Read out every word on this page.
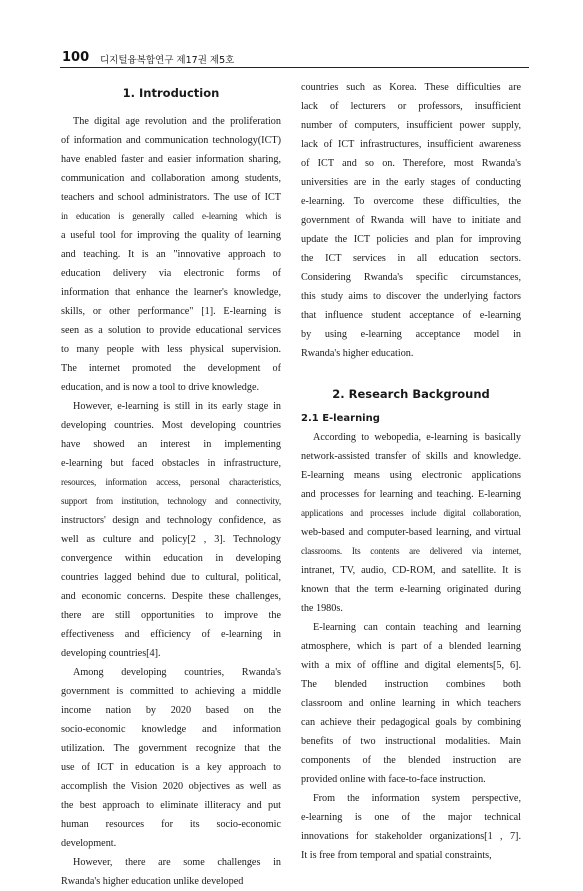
100 디지털융복합연구 제17권 제5호
1. Introduction

The digital age revolution and the proliferation
of information and communication technology(ICT)
have enabled faster and easier information sharing,
communication and collaboration among students,
teachers and school administrators. The use of ICT
in education is generally called e-learning which is
a useful tool for improving the quality of learning
and teaching. It is an "innovative approach to
education delivery via electronic forms of
information that enhance the learner's knowledge,
skills, or other performance" [1]. E-learning is
seen as a solution to provide educational services
to many people with less physical supervision.
The internet promoted the development of
education, and is now a tool to drive knowledge.

However, e-learning is still in its early stage in
developing countries. Most developing countries
have showed an interest in implementing
e-learning but faced obstacles in infrastructure,
resources, information access, personal characteristics,
support from institution, technology and connectivity,
instructors' design and technology confidence, as
well as culture and policy[2 , 3]. Technology
convergence within education in developing
countries lagged behind due to cultural, political,
and economic concerns. Despite these challenges,
there are still opportunities to improve the
effectiveness and efficiency of e-learning in
developing countries[4].

Among developing countries, Rwanda's
government is committed to achieving a middle
income nation by 2020 based on the
socio-economic knowledge and information
utilization. The government recognize that the
use of ICT in education is a key approach to
accomplish the Vision 2020 objectives as well as
the best approach to eliminate illiteracy and put
human resources for its socio-economic
development.

However, there are some challenges in
Rwanda's higher education unlike developed

countries such as Korea. These difficulties are
lack of lecturers or professors, insufficient
number of computers, insufficient power supply,
lack of ICT infrastructures, insufficient awareness
of ICT and so on. Therefore, most Rwanda's
universities are in the early stages of conducting
e-learning. To overcome these difficulties, the
government of Rwanda will have to initiate and
update the ICT policies and plan for improving
the ICT services in all education sectors.
Considering Rwanda's specific circumstances,
this study aims to discover the underlying factors
that influence student acceptance of e-learning
by using e-learning acceptance model in
Rwanda's higher education.

2. Research Background
2.1 E-learning

According to webopedia, e-learning is basically
network-assisted transfer of skills and knowledge.
E-learning means using electronic applications
and processes for learning and teaching. E-learning
applications and processes include digital collaboration,
web-based and computer-based learning, and virtual
classrooms. Its contents are delivered via internet,
intranet, TV, audio, CD-ROM, and satellite. It is
known that the term e-learning originated during
the 1980s.

E-learning can contain teaching and learning
atmosphere, which is part of a blended learning
with a mix of offline and digital elements[5, 6].
The blended instruction combines both
classroom and online learning in which teachers
can achieve their pedagogical goals by combining
benefits of two instructional modalities. Main
components of the blended instruction are
provided online with face-to-face instruction.

From the information system perspective,
e-learning is one of the major technical
innovations for stakeholder organizations[1 , 7].
It is free from temporal and spatial constraints,
